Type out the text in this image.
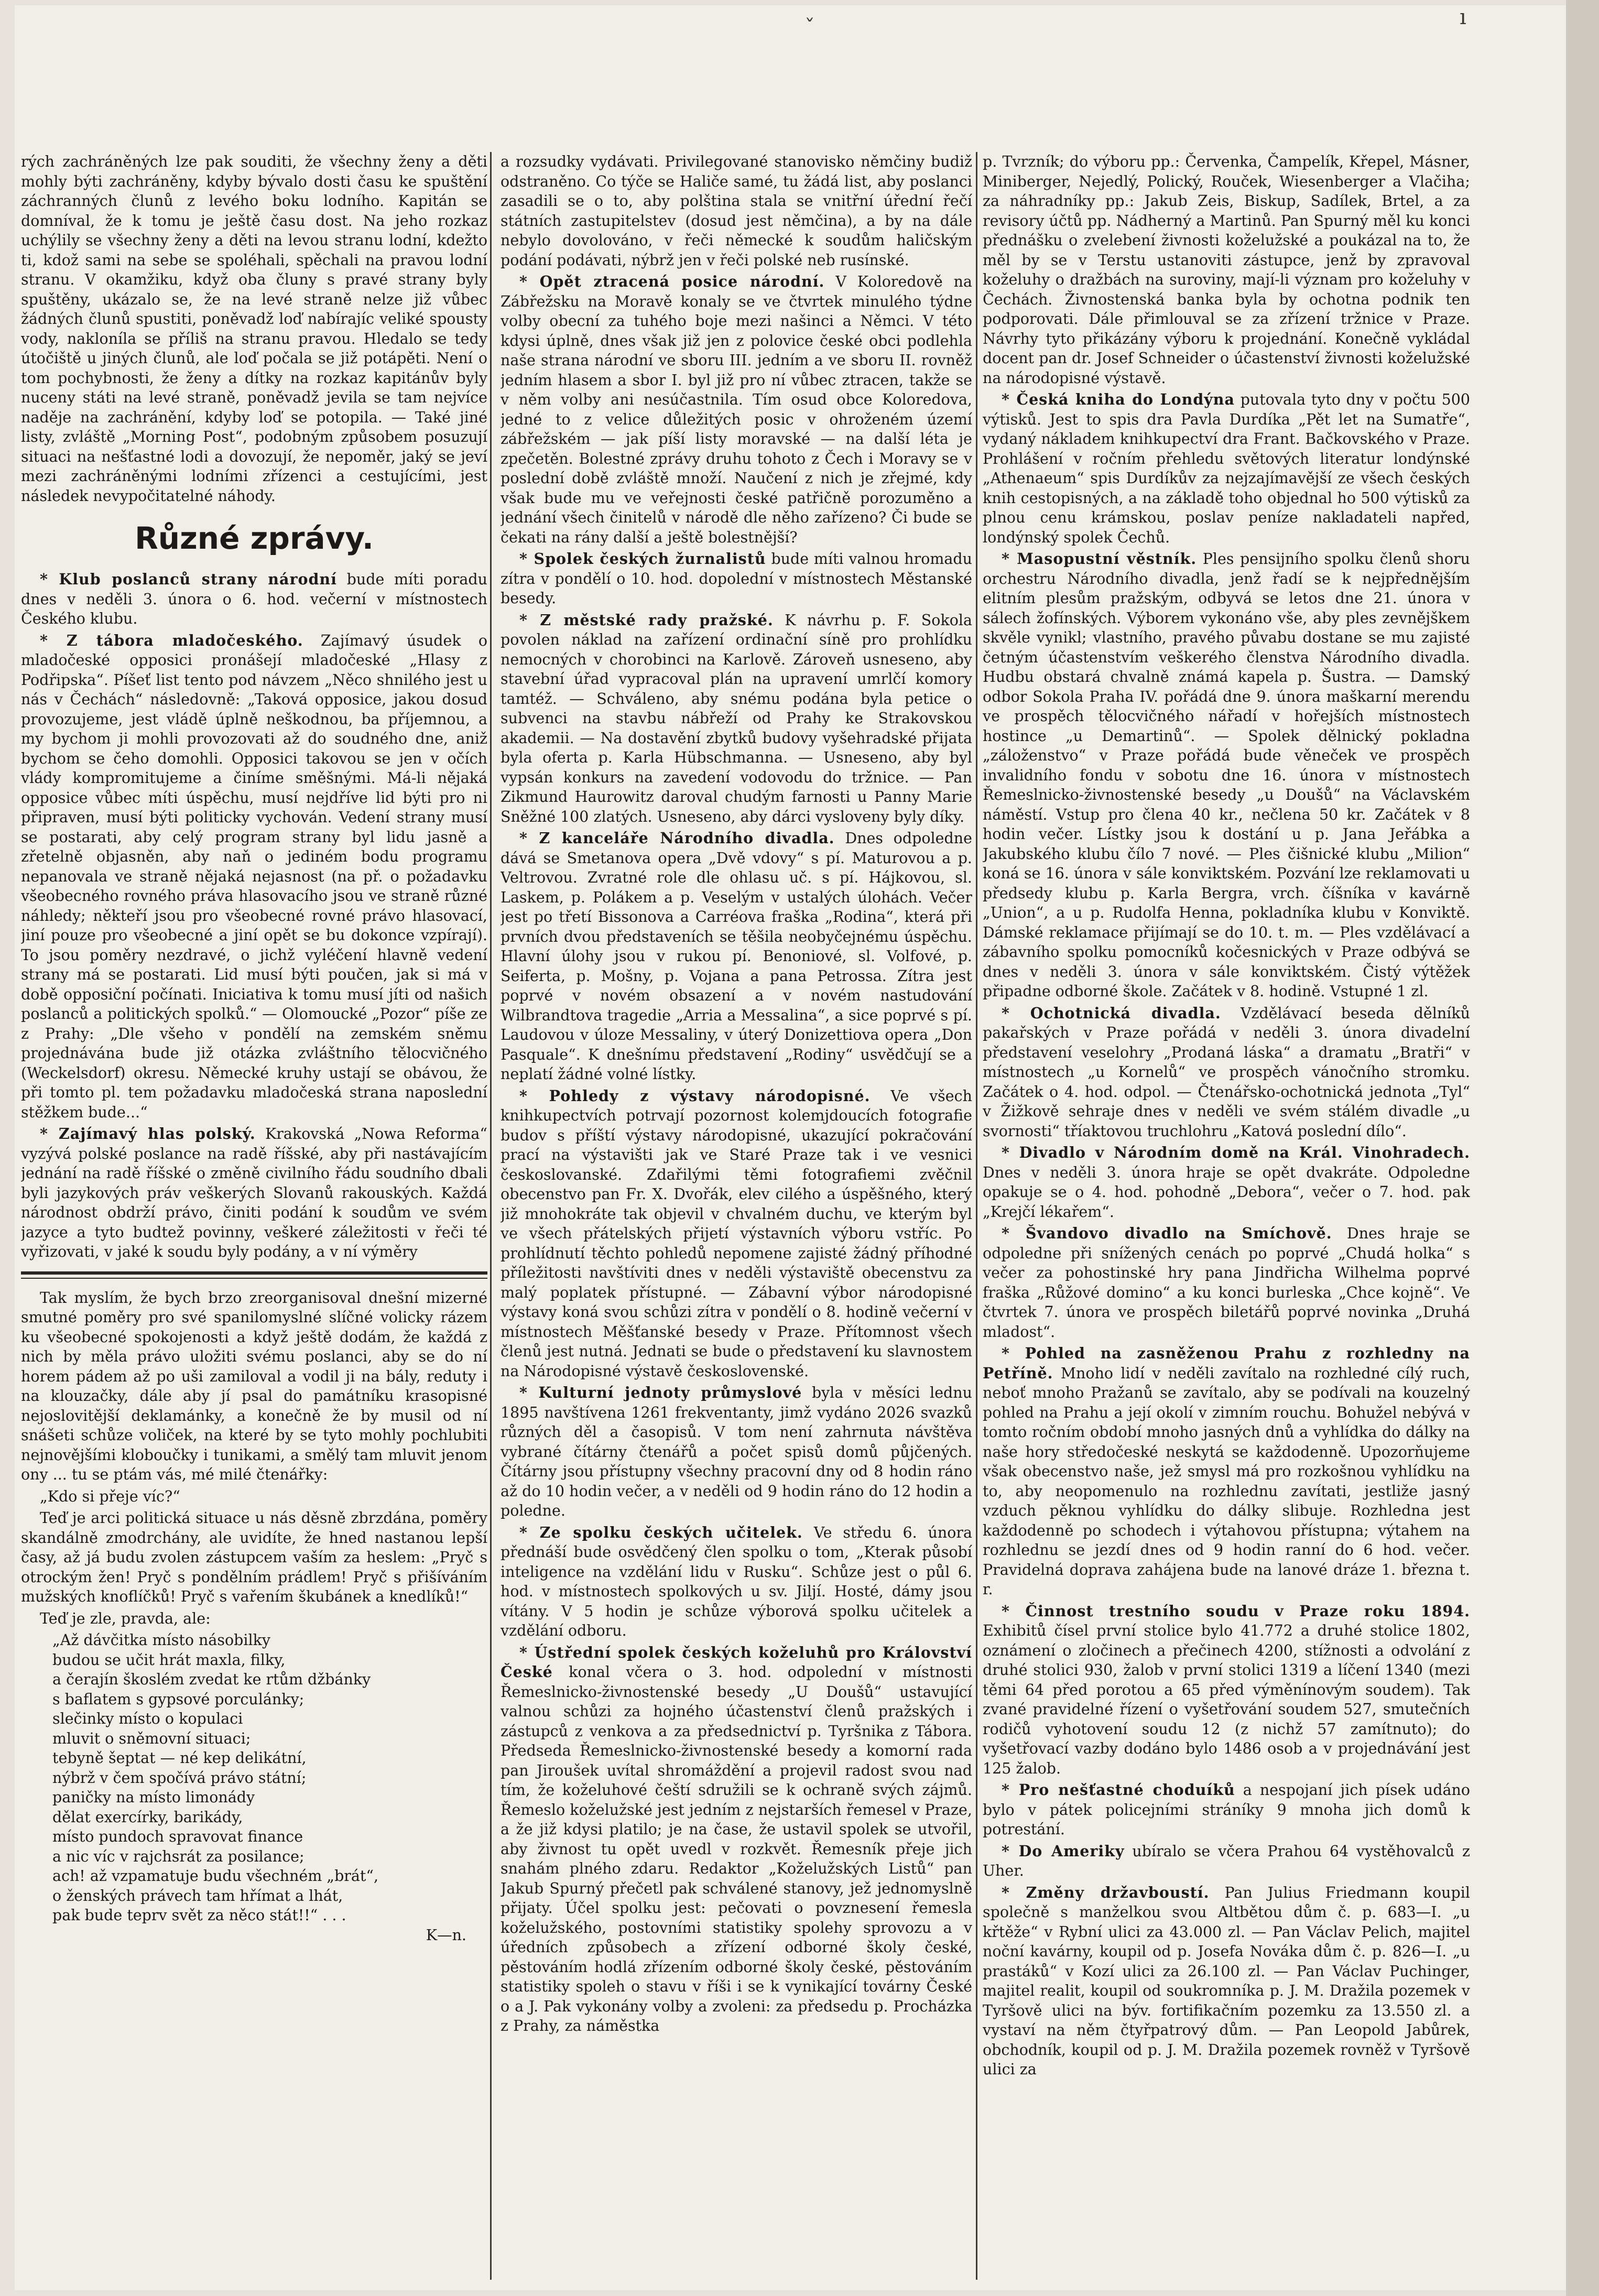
ˇ	ı

rých zachráněných lze pak souditi, že všechny ženy a děti mohly býti zachráněny, kdyby bývalo dosti času ke spuštění záchranných člunů z levého boku lodního. Kapitán se domníval, že k tomu je ještě času dost. Na jeho rozkaz uchýlily se všechny ženy a děti na levou stranu lodní, kdežto ti, kdož sami na sebe se spoléhali, spěchali na pravou lodní stranu. V okamžiku, když oba čluny s pravé strany byly spuštěny, ukázalo se, že na levé straně nelze již vůbec žádných člunů spustiti, poněvadž loď nabírajíc veliké spousty vody, nakloníla se příliš na stranu pravou. Hledalo se tedy útočiště u jiných člunů, ale loď počala se již potápěti. Není o tom pochybnosti, že ženy a dítky na rozkaz kapitánův byly nuceny státi na levé straně, poněvadž jevila se tam nejvíce naděje na zachránění, kdyby loď se potopila. — Také jiné listy, zvláště „Morning Post“, podobným způsobem posuzují situaci na nešťastné lodi a dovozují, že nepoměr, jaký se jeví mezi zachráněnými lodními zřízenci a cestujícími, jest následek nevypočitatelné náhody.

Různé zprávy.

* Klub poslanců strany národní bude míti poradu dnes v neděli 3. února o 6. hod. večerní v místnostech Českého klubu.

* Z tábora mladočeského. Zajímavý úsudek o mladočeské opposici pronášejí mladočeské „Hlasy z Podřipska“. Píšeť list tento pod návzem „Něco shnilého jest u nás v Čechách“ následovně: „Taková opposice, jakou dosud provozujeme, jest vládě úplně neškodnou, ba příjemnou, a my bychom ji mohli provozovati až do soudného dne, aniž bychom se čeho domohli. Opposici takovou se jen v očích vlády kompromitujeme a činíme směšnými. Má-li nějaká opposice vůbec míti úspěchu, musí nejdříve lid býti pro ni připraven, musí býti politicky vychován. Vedení strany musí se postarati, aby celý program strany byl lidu jasně a zřetelně objasněn, aby naň o jediném bodu programu nepanovala ve straně nějaká nejasnost (na př. o požadavku všeobecného rovného práva hlasovacího jsou ve straně různé náhledy; někteří jsou pro všeobecné rovné právo hlasovací, jiní pouze pro všeobecné a jiní opět se bu dokonce vzpírají). To jsou poměry nezdravé, o jichž vyléčení hlavně vedení strany má se postarati. Lid musí býti poučen, jak si má v době opposiční počínati. Iniciativa k tomu musí jíti od našich poslanců a politických spolků.“ — Olomoucké „Pozor“ píše ze z Prahy: „Dle všeho v pondělí na zemském sněmu projednávána bude již otázka zvláštního tělocvičného (Weckelsdorf) okresu. Německé kruhy ustají se obávou, že při tomto pl. tem požadavku mladočeská strana naposlední stěžkem bude...“

* Zajímavý hlas polský. Krakovská „Nowa Reforma“ vyzývá polské poslance na radě říšské, aby při nastávajícím jednání na radě říšské o změně civilního řádu soudního dbali byli jazykových práv veškerých Slovanů rakouských. Každá národnost obdrží právo, činiti podání k soudům ve svém jazyce a tyto budtež povinny, veškeré záležitosti v řeči té vyřizovati, v jaké k soudu byly podány, a v ní výměry

Tak myslím, že bych brzo zreorganisoval dnešní mizerné smutné poměry pro své spanilomyslné slíčné volicky rázem ku všeobecné spokojenosti a když ještě dodám, že každá z nich by měla právo uložiti svému poslanci, aby se do ní horem pádem až po uši zamiloval a vodil ji na bály, reduty i na klouzačky, dále aby jí psal do památníku krasopisné nejoslovitější deklamánky, a konečně že by musil od ní snášeti schůze voliček, na které by se tyto mohly pochlubiti nejnovějšími kloboučky i tunikami, a smělý tam mluvit jenom ony ... tu se ptám vás, mé milé čtenářky:

„Kdo si přeje víc?“

Teď je arci politická situace u nás děsně zbrzdána, poměry skandálně zmodrchány, ale uvidíte, že hned nastanou lepší časy, až já budu zvolen zástupcem vaším za heslem: „Pryč s otrockým žen! Pryč s pondělním prádlem! Pryč s přišíváním mužských knoflíčků! Pryč s vařením škubánek a knedlíků!“

Teď je zle, pravda, ale:

„Až dávčitka místo násobilky
budou se učit hrát maxla, filky,
a čerajín škoslém zvedat ke rtům džbánky
s baflatem s gypsové porculánky;
slečinky místo o kopulaci
mluvit o sněmovní situaci;
tebyně šeptat — né kep delikátní,
nýbrž v čem spočívá právo státní;
paničky na místo limonády
dělat exercírky, barikády,
místo pundoch spravovat finance
a nic víc v rajchsrát za posilance;
ach! až vzpamatuje budu všechném „brát“,
o ženských právech tam hřímat a lhát,
pak bude teprv svět za něco stát!!“ . . .
K—n.

a rozsudky vydávati. Privilegované stanovisko němčiny budiž odstraněno. Co týče se Haliče samé, tu žádá list, aby poslanci zasadili se o to, aby polština stala se vnitřní úřední řečí státních zastupitelstev (dosud jest němčina), a by na dále nebylo dovolováno, v řeči německé k soudům haličským podání podávati, nýbrž jen v řeči polské neb rusínské.

* Opět ztracená posice národní. V Koloredově na Zábřežsku na Moravě konaly se ve čtvrtek minulého týdne volby obecní za tuhého boje mezi našinci a Němci. V této kdysi úplně, dnes však již jen z polovice české obci podlehla naše strana národní ve sboru III. jedním a ve sboru II. rovněž jedním hlasem a sbor I. byl již pro ní vůbec ztracen, takže se v něm volby ani nesúčastnila. Tím osud obce Koloredova, jedné to z velice důležitých posic v ohroženém území zábřežském — jak píší listy moravské — na další léta je zpečetěn. Bolestné zprávy druhu tohoto z Čech i Moravy se v poslední době zvláště množí. Naučení z nich je zřejmé, kdy však bude mu ve veřejnosti české patřičně porozuměno a jednání všech činitelů v národě dle něho zařízeno? Či bude se čekati na rány další a ještě bolestnější?

* Spolek českých žurnalistů bude míti valnou hromadu zítra v pondělí o 10. hod. dopolední v místnostech Městanské besedy.

* Z městské rady pražské. K návrhu p. F. Sokola povolen náklad na zařízení ordinační síně pro prohlídku nemocných v chorobinci na Karlově. Zároveň usneseno, aby stavební úřad vypracoval plán na upravení umrlčí komory tamtéž. — Schváleno, aby snému podána byla petice o subvenci na stavbu nábřeží od Prahy ke Strakovskou akademii. — Na dostavění zbytků budovy vyšehradské přijata byla oferta p. Karla Hübschmanna. — Usneseno, aby byl vypsán konkurs na zavedení vodovodu do tržnice. — Pan Zikmund Haurowitz daroval chudým farnosti u Panny Marie Sněžné 100 zlatých. Usneseno, aby dárci vysloveny byly díky.

* Z kanceláře Národního divadla. Dnes odpoledne dává se Smetanova opera „Dvě vdovy“ s pí. Maturovou a p. Veltrovou. Zvratné role dle ohlasu uč. s pí. Hájkovou, sl. Laskem, p. Polákem a p. Veselým v ustalých úlohách. Večer jest po třetí Bissonova a Carréova fraška „Rodina“, která při prvních dvou představeních se těšila neobyčejnému úspěchu. Hlavní úlohy jsou v rukou pí. Benoniové, sl. Volfové, p. Seiferta, p. Mošny, p. Vojana a pana Petrossa. Zítra jest poprvé v novém obsazení a v novém nastudování Wilbrandtova tragedie „Arria a Messalina“, a sice poprvé s pí. Laudovou v úloze Messaliny, v úterý Donizettiova opera „Don Pasquale“. K dnešnímu představení „Rodiny“ usvědčují se a neplatí žádné volné lístky.

* Pohledy z výstavy národopisné. Ve všech knihkupectvích potrvají pozornost kolemjdoucích fotografie budov s příští výstavy národopisné, ukazující pokračování prací na výstavišti jak ve Staré Praze tak i ve vesnici českoslovanské. Zdařilými těmi fotografiemi zvěčnil obecenstvo pan Fr. X. Dvořák, elev cilého a úspěšného, který již mnohokráte tak objevil v chvalném duchu, ve kterým byl ve všech přátelských přijetí výstavních výboru vstříc. Po prohlídnutí těchto pohledů nepomene zajisté žádný příhodné příležitosti navštíviti dnes v neděli výstaviště obecenstvu za malý poplatek přístupné. — Zábavní výbor národopisné výstavy koná svou schůzi zítra v pondělí o 8. hodině večerní v místnostech Měšťanské besedy v Praze. Přítomnost všech členů jest nutná. Jednati se bude o představení ku slavnostem na Národopisné výstavě československé.

* Kulturní jednoty průmyslové byla v měsíci lednu 1895 navštívena 1261 frekventanty, jimž vydáno 2026 svazků různých děl a časopisů. V tom není zahrnuta návštěva vybrané čítárny čtenářů a počet spisů domů půjčených. Čítárny jsou přístupny všechny pracovní dny od 8 hodin ráno až do 10 hodin večer, a v neděli od 9 hodin ráno do 12 hodin a poledne.

* Ze spolku českých učitelek. Ve středu 6. února přednáší bude osvědčený člen spolku o tom, „Kterak působí inteligence na vzdělání lidu v Rusku“. Schůze jest o půl 6. hod. v místnostech spolkových u sv. Jiljí. Hosté, dámy jsou vítány. V 5 hodin je schůze výborová spolku učitelek a vzdělání odboru.

* Ústřední spolek českých koželuhů pro Království České konal včera o 3. hod. odpolední v místnosti Řemeslnicko-živnostenské besedy „U Doušů“ ustavující valnou schůzi za hojného účastenství členů pražských i zástupců z venkova a za předsednictví p. Tyršnika z Tábora. Předseda Řemeslnicko-živnostenské besedy a komorní rada pan Jiroušek uvítal shromáždění a projevil radost svou nad tím, že koželuhové čeští sdružili se k ochraně svých zájmů. Řemeslo koželužské jest jedním z nejstarších řemesel v Praze, a že již kdysi platilo; je na čase, že ustavil spolek se utvořil, aby živnost tu opět uvedl v rozkvět. Řemesník přeje jich snahám plného zdaru. Redaktor „Koželužských Listů“ pan Jakub Spurný přečetl pak schválené stanovy, jež jednomyslně přijaty. Účel spolku jest: pečovati o povznesení řemesla koželužského, postovními statistiky spolehy sprovozu a v úředních způsobech a zřízení odborné školy české, pěstováním hodlá zřízením odborné školy české, pěstováním statistiky spoleh o stavu v říši i se k vynikající továrny České o a J. Pak vykonány volby a zvoleni: za předsedu p. Procházka z Prahy, za náměstka

p. Tvrzník; do výboru pp.: Červenka, Čampelík, Křepel, Másner, Miniberger, Nejedlý, Polický, Rouček, Wiesenberger a Vlačiha; za náhradníky pp.: Jakub Zeis, Biskup, Sadílek, Brtel, a za revisory účtů pp. Nádherný a Martinů. Pan Spurný měl ku konci přednášku o zvelebení živnosti koželužské a poukázal na to, že měl by se v Terstu ustanoviti zástupce, jenž by zpravoval koželuhy o dražbách na suroviny, mají-li význam pro koželuhy v Čechách. Živnostenská banka byla by ochotna podnik ten podporovati. Dále přimlouval se za zřízení tržnice v Praze. Návrhy tyto přikázány výboru k projednání. Konečně vykládal docent pan dr. Josef Schneider o účastenství živnosti koželužské na národopisné výstavě.

* Česká knihа do Londýna putovala tyto dny v počtu 500 výtisků. Jest to spis dra Pavla Durdíka „Pět let na Sumatře“, vydaný nákladem knihkupectví dra Frant. Bačkovského v Praze. Prohlášení v ročním přehledu světových literatur londýnské „Athenaeum“ spis Durdíkův za nejzajímavější ze všech českých knih cestopisných, a na základě toho objednal ho 500 výtisků za plnou cenu krámskou, poslav peníze nakladateli napřed, londýnský spolek Čechů.

* Masopustní věstník. Ples pensijního spolku členů shoru orchestru Národního divadla, jenž řadí se k nejpřednějším elitním plesům pražským, odbyvá se letos dne 21. února v sálech žofínských. Výborem vykonáno vše, aby ples zevnějškem skvěle vynikl; vlastního, pravého půvabu dostane se mu zajisté četným účastenstvím veškerého členstva Národního divadla. Hudbu obstará chvalně známá kapela p. Šustra. — Damský odbor Sokola Praha IV. pořádá dne 9. února maškarní merendu ve prospěch tělocvičného nářadí v hořejších místnostech hostince „u Demartinů“. — Spolek dělnický pokladna „záloženstvo“ v Praze pořádá bude věneček ve prospěch invalidního fondu v sobotu dne 16. února v místnostech Řemeslnicko-živnostenské besedy „u Doušů“ na Václavském náměstí. Vstup pro člena 40 kr., nečlena 50 kr. Začátek v 8 hodin večer. Lístky jsou k dostání u p. Jana Jeřábka a Jakubského klubu čílo 7 nové. — Ples čišnické klubu „Milion“ koná se 16. února v sále konviktském. Pozvání lze reklamovati u předsedy klubu p. Karla Bergra, vrch. číšníka v kavárně „Union“, a u p. Rudolfa Henna, pokladníka klubu v Konviktě. Dámské reklamace přijímají se do 10. t. m. — Ples vzdělávací a zábavního spolku pomocníků kočesnických v Praze odbývá se dnes v neděli 3. února v sále konviktském. Čistý výtěžek připadne odborné škole. Začátek v 8. hodině. Vstupné 1 zl.

* Ochotnická divadla. Vzdělávací beseda dělníků pakařských v Praze pořádá v neděli 3. února divadelní představení veselohry „Prodaná láska“ a dramatu „Bratři“ v místnostech „u Kornelů“ ve prospěch vánočního stromku. Začátek o 4. hod. odpol. — Čtenářsko-ochotnická jednota „Tyl“ v Žižkově sehraje dnes v neděli ve svém stálém divadle „u svornosti“ tříaktovou truchlohru „Katová poslední dílo“.

* Divadlo v Národním domě na Král. Vinohradech. Dnes v neděli 3. února hraje se opět dvakráte. Odpoledne opakuje se o 4. hod. pohodně „Debora“, večer o 7. hod. pak „Krejčí lékařem“.

* Švandovo divadlo na Smíchově. Dnes hraje se odpoledne při snížených cenách po poprvé „Chudá holka“ s večer za pohostinské hry pana Jindřicha Wilhelma poprvé fraška „Růžové domino“ a ku konci burleska „Chce kojně“. Ve čtvrtek 7. února ve prospěch biletářů poprvé novinka „Druhá mladost“.

* Pohled na zasněženou Prahu z rozhledny na Petříně. Mnoho lidí v neděli zavítalo na rozhledné cílý ruch, neboť mnoho Pražanů se zavítalo, aby se podívali na kouzelný pohled na Prahu a její okolí v zimním rouchu. Bohužel nebývá v tomto ročním období mnoho jasných dnů a vyhlídka do dálky na naše hory středočeské neskytá se každodenně. Upozorňujeme však obecenstvo naše, jež smysl má pro rozkošnou vyhlídku na to, aby neopomenulo na rozhlednu zavítati, jestliže jasný vzduch pěknou vyhlídku do dálky slibuje. Rozhledna jest každodenně po schodech i výtahovou přístupna; výtahem na rozhlednu se jezdí dnes od 9 hodin ranní do 6 hod. večer. Pravidelná doprava zahájena bude na lanové dráze 1. března t. r.

* Činnost trestního soudu v Praze roku 1894. Exhibitů čísel první stolice bylo 41.772 a druhé stolice 1802, oznámení o zločinech a přečinech 4200, stížnosti a odvolání z druhé stolici 930, žalob v první stolici 1319 a líčení 1340 (mezi těmi 64 před porotou a 65 před výměnínovým soudem). Tak zvané pravidelné řízení o vyšetřování soudem 527, smutečních rodičů vyhotovení soudu 12 (z nichž 57 zamítnuto); do vyšetřovací vazby dodáno bylo 1486 osob a v projednávání jest 125 žalob.

* Pro nešťastné choduíků a nespojaní jich písek udáno bylo v pátek policejními stráníky 9 mnoha jich domů k potrestání.

* Do Ameriky ubíralo se včera Prahou 64 vystěhovalců z Uher.

* Změny državboustí. Pan Julius Friedmann koupil společně s manželkou svou Altbětou dům č. p. 683—I. „u křtěže“ v Rybní ulici za 43.000 zl. — Pan Václav Pelich, majitel noční kavárny, koupil od p. Josefa Nováka dům č. p. 826—I. „u prastáků“ v Kozí ulici za 26.100 zl. — Pan Václav Puchinger, majitel realit, koupil od soukromníka p. J. M. Dražila pozemek v Tyršově ulici na býv. fortifikačním pozemku za 13.550 zl. a vystaví na něm čtyřpatrový dům. — Pan Leopold Jabůrek, obchodník, koupil od p. J. M. Dražila pozemek rovněž v Tyršově ulici za
